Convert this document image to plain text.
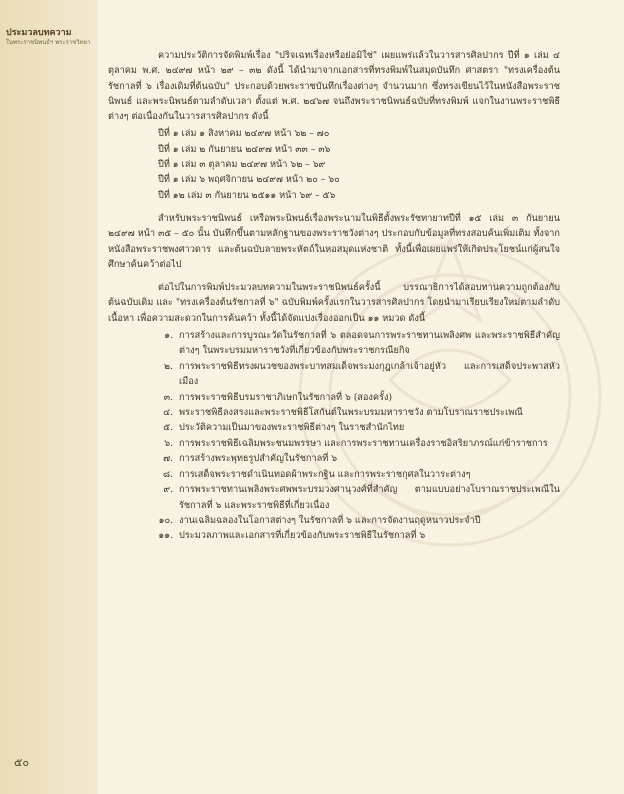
ประมวลบทความ
ในพระราชนิพนธ์ฯ พระราชวิทยา

ความประวัติการจัดพิมพ์เรื่อง "ปริจเฉทเรื่องหรือย่อมิใช่" เผยแพร่แล้วในวารสารศิลปากร ปีที่ ๑ เล่ม ๔ ตุลาคม พ.ศ. ๒๔๙๗ หน้า ๒๙ – ๓๒ ดังนี้ ได้นำมาจากเอกสารที่ทรงพิมพ์ในสมุดบันทึก ศาสตรา "ทรงเครื่องต้นรัชกาลที่ ๖ เรื่องเดิมที่ต้นฉบับ" ประกอบด้วยพระราชบันทึกเรื่องต่างๆ จำนวนมาก ซึ่งทรงเขียนไว้ในหนังสือพระราชนิพนธ์ และพระนิพนธ์ตามลำดับเวลา ตั้งแต่ พ.ศ. ๒๔๖๗ จนถึงพระราชนิพนธ์ฉบับที่ทรงพิมพ์ แจกในงานพระราชพิธีต่างๆ ต่อเนื่องกันในวารสารศิลปากร ดังนี้

ปีที่ ๑ เล่ม ๑ สิงหาคม ๒๔๙๗ หน้า ๖๒ – ๗๐
ปีที่ ๑ เล่ม ๒ กันยายน ๒๔๙๗ หน้า ๓๓ – ๓๖
ปีที่ ๑ เล่ม ๓ ตุลาคม ๒๔๙๗ หน้า ๖๒ – ๖๙
ปีที่ ๑ เล่ม ๖ พฤศจิกายน ๒๔๙๗ หน้า ๒๐ – ๖๐
ปีที่ ๑๒ เล่ม ๓ กันยายน ๒๕๑๑ หน้า ๖๙ – ๕๖

สำหรับพระราชนิพนธ์ เหรือพระนิพนธ์เรื่องพระนามในพิธีตั้งพระรัชทายาทปีที่ ๑๕ เล่ม ๓ กันยายน ๒๔๙๗ หน้า ๓๕ – ๕๐ นั้น บันทึกขึ้นตามหลักฐานของพระราชวังต่างๆ ประกอบกับข้อมูลที่ทรงสอบค้นเพิ่มเติม ทั้งจากหนังสือพระราชพงศาวดาร และต้นฉบับลายพระหัตถ์ในหอสมุดแห่งชาติ ทั้งนี้เพื่อเผยแพร่ให้เกิดประโยชน์แก่ผู้สนใจศึกษาค้นคว้าต่อไป

ต่อไปในการพิมพ์ประมวลบทความในพระราชนิพนธ์ครั้งนี้ บรรณาธิการได้สอบทานความถูกต้องกับต้นฉบับเดิม และ "ทรงเครื่องต้นรัชกาลที่ ๖" ฉบับพิมพ์ครั้งแรกในวารสารศิลปากร โดยนำมาเรียบเรียงใหม่ตามลำดับเนื้อหา เพื่อความสะดวกในการค้นคว้า ทั้งนี้ได้จัดแบ่งเรื่องออกเป็น ๑๑ หมวด ดังนี้

๑. การสร้างและการบูรณะวัดในรัชกาลที่ ๖ ตลอดจนการพระราชทานเพลิงศพ และพระราชพิธีสำคัญต่างๆ ในพระบรมมหาราชวังที่เกี่ยวข้องกับพระราชกรณียกิจ
๒. การพระราชพิธีทรงผนวชของพระบาทสมเด็จพระมงกุฎเกล้าเจ้าอยู่หัว และการเสด็จประพาสหัวเมือง
๓. การพระราชพิธีบรมราชาภิเษกในรัชกาลที่ ๖ (สองครั้ง)
๔. พระราชพิธีลงสรงและพระราชพิธีโสกันต์ในพระบรมมหาราชวัง ตามโบราณราชประเพณี
๕. ประวัติความเป็นมาของพระราชพิธีต่างๆ ในราชสำนักไทย
๖. การพระราชพิธีเฉลิมพระชนมพรรษา และการพระราชทานเครื่องราชอิสริยาภรณ์แก่ข้าราชการ
๗. การสร้างพระพุทธรูปสำคัญในรัชกาลที่ ๖
๘. การเสด็จพระราชดำเนินทอดผ้าพระกฐิน และการพระราชกุศลในวาระต่างๆ
๙. การพระราชทานเพลิงพระศพพระบรมวงศานุวงศ์ที่สำคัญ ตามแบบอย่างโบราณราชประเพณีในรัชกาลที่ ๖ และพระราชพิธีที่เกี่ยวเนื่อง
๑๐. งานเฉลิมฉลองในโอกาสต่างๆ ในรัชกาลที่ ๖ และการจัดงานฤดูหนาวประจำปี
๑๑. ประมวลภาพและเอกสารที่เกี่ยวข้องกับพระราชพิธีในรัชกาลที่ ๖
๕๐
